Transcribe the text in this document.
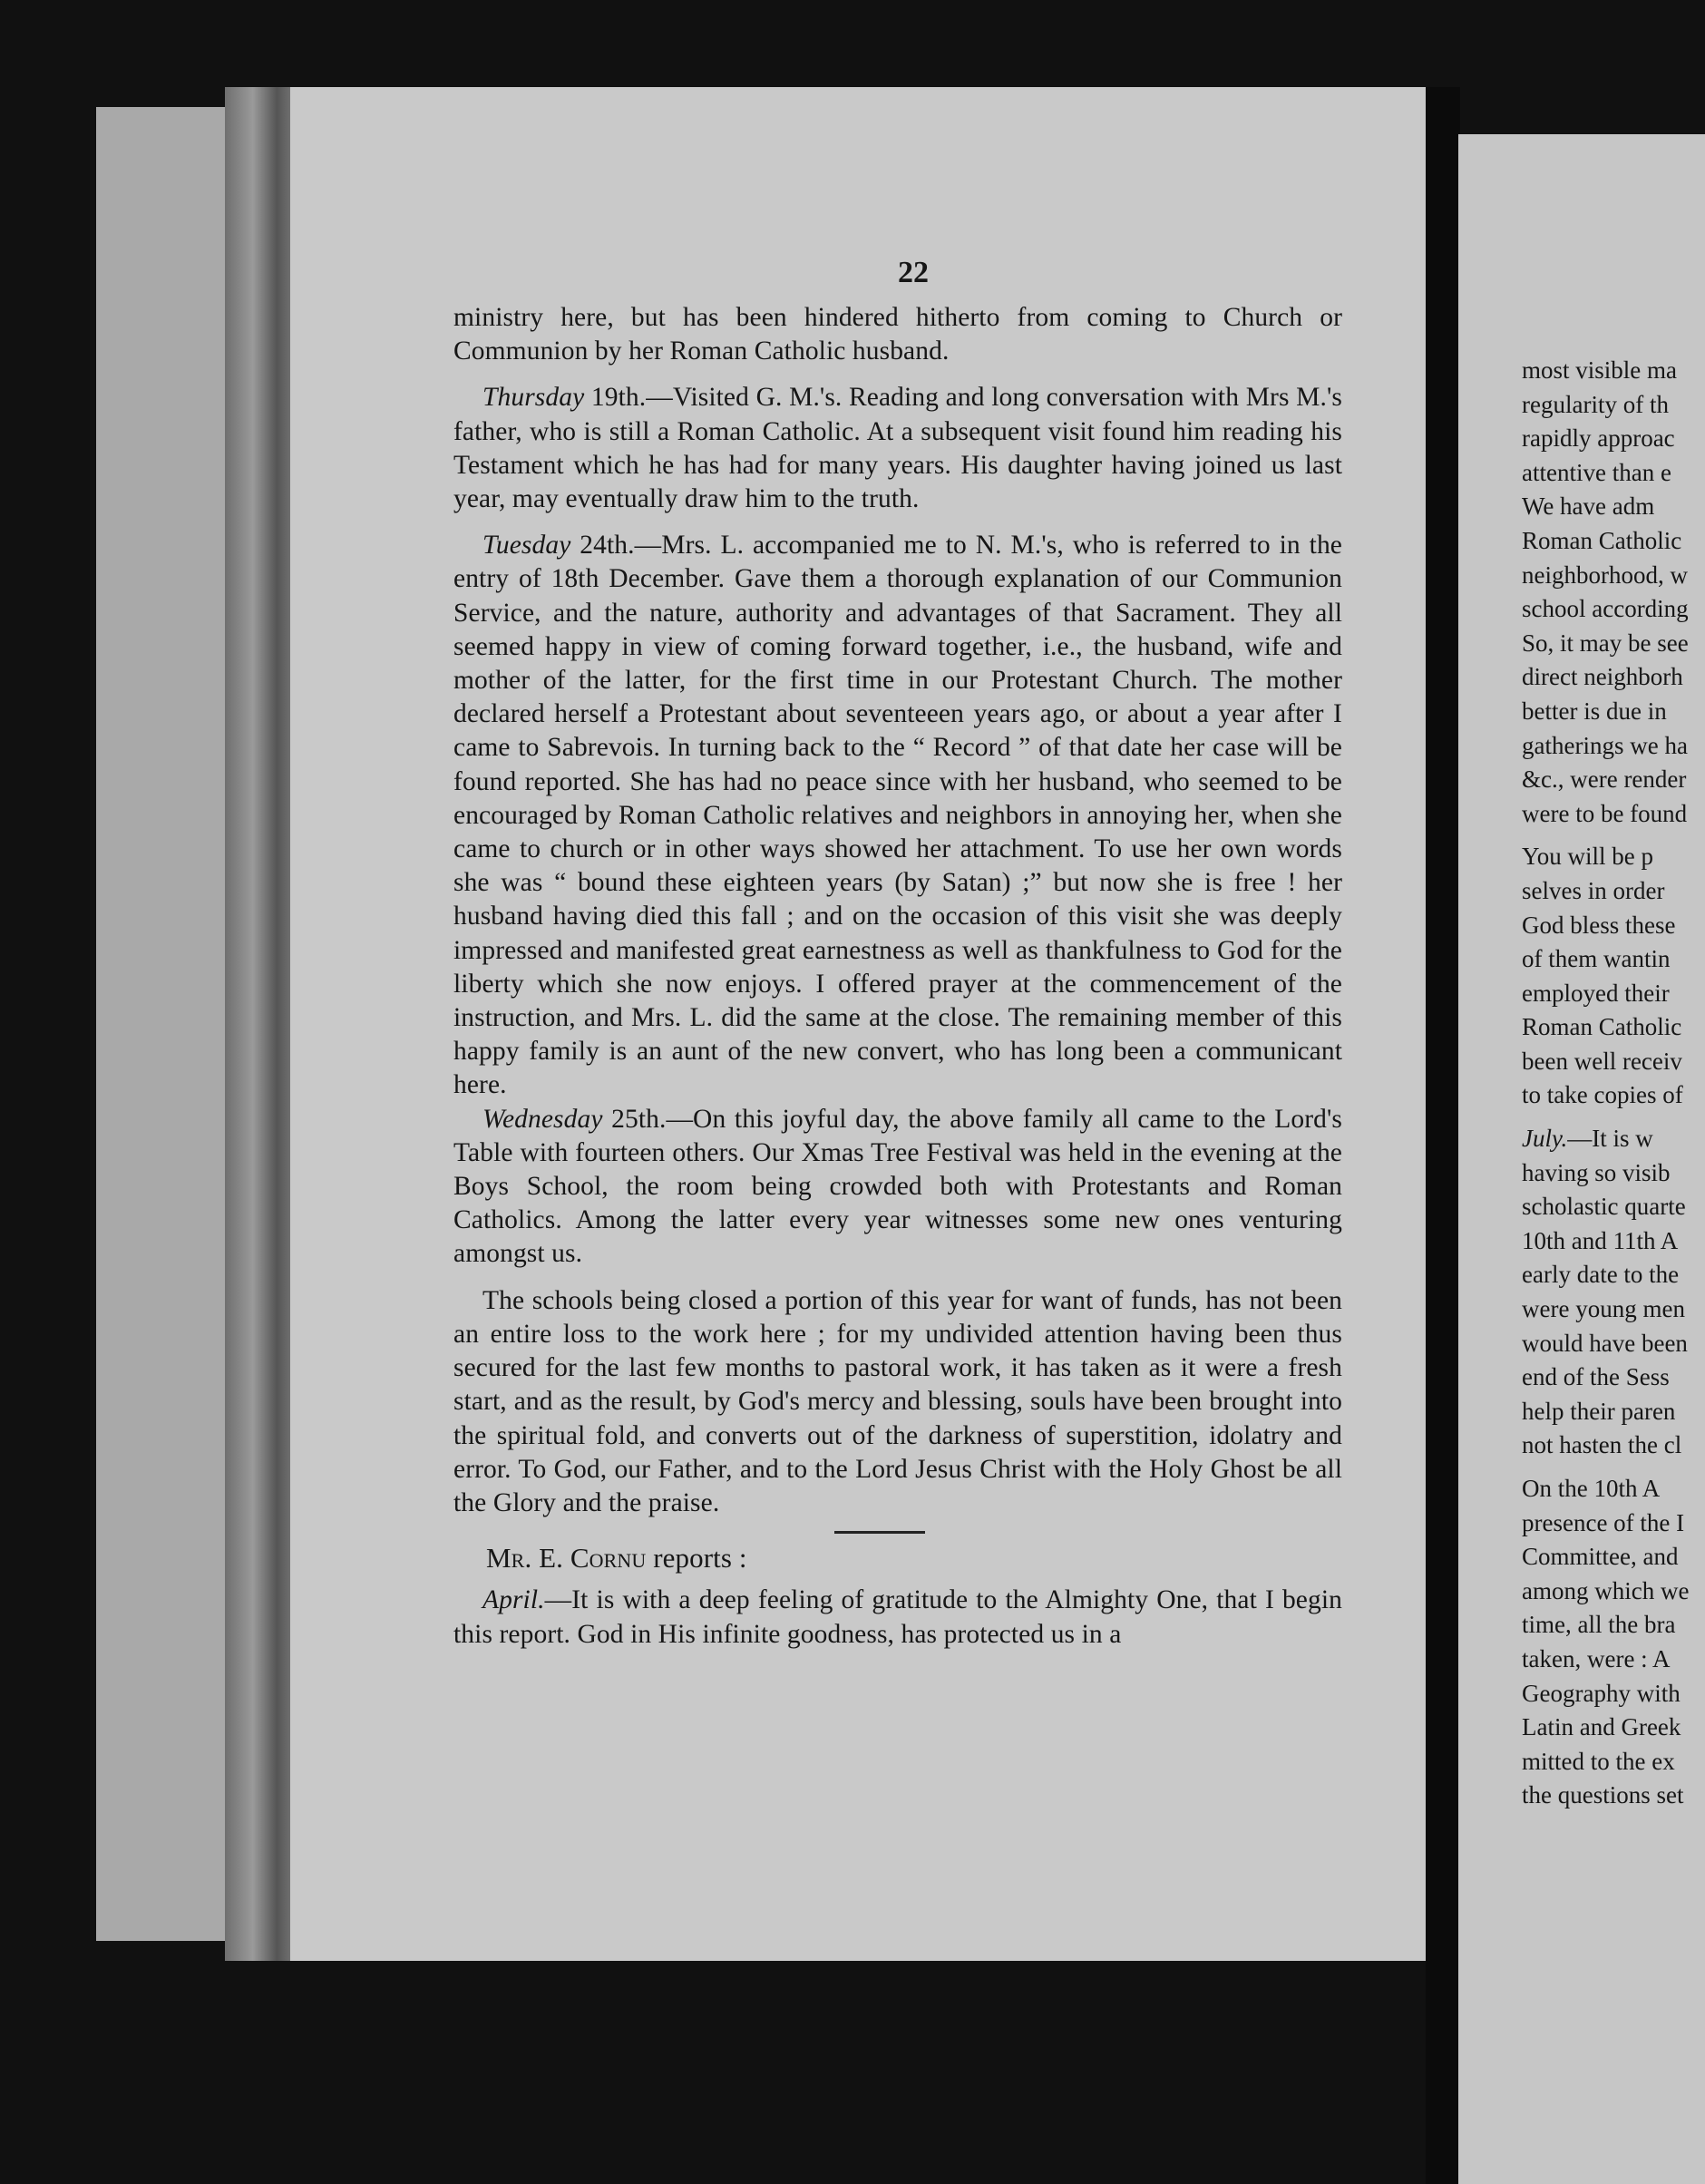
22

ministry here, but has been hindered hitherto from coming to Church or Communion by her Roman Catholic husband.

Thursday 19th.—Visited G. M.'s. Reading and long conversation with Mrs M.'s father, who is still a Roman Catholic. At a subsequent visit found him reading his Testament which he has had for many years. His daughter having joined us last year, may eventually draw him to the truth.

Tuesday 24th.—Mrs. L. accompanied me to N. M.'s, who is referred to in the entry of 18th December. Gave them a thorough explanation of our Communion Service, and the nature, authority and advantages of that Sacrament. They all seemed happy in view of coming forward together, i.e., the husband, wife and mother of the latter, for the first time in our Protestant Church. The mother declared herself a Protestant about seventeeen years ago, or about a year after I came to Sabrevois. In turning back to the “ Record ” of that date her case will be found reported. She has had no peace since with her husband, who seemed to be encouraged by Roman Catholic relatives and neighbors in annoying her, when she came to church or in other ways showed her attachment. To use her own words she was “ bound these eighteen years (by Satan) ;” but now she is free ! her husband having died this fall ; and on the occasion of this visit she was deeply impressed and manifested great earnestness as well as thankfulness to God for the liberty which she now enjoys. I offered prayer at the commencement of the instruction, and Mrs. L. did the same at the close. The remaining member of this happy family is an aunt of the new convert, who has long been a communicant here.

Wednesday 25th.—On this joyful day, the above family all came to the Lord's Table with fourteen others. Our Xmas Tree Festival was held in the evening at the Boys School, the room being crowded both with Protestants and Roman Catholics. Among the latter every year witnesses some new ones venturing amongst us.

The schools being closed a portion of this year for want of funds, has not been an entire loss to the work here ; for my undivided attention having been thus secured for the last few months to pastoral work, it has taken as it were a fresh start, and as the result, by God's mercy and blessing, souls have been brought into the spiritual fold, and converts out of the darkness of superstition, idolatry and error. To God, our Father, and to the Lord Jesus Christ with the Holy Ghost be all the Glory and the praise.

Mr. E. Cornu reports :

April.—It is with a deep feeling of gratitude to the Almighty One, that I begin this report. God in His infinite goodness, has protected us in a

most visible ma
regularity of th
rapidly approac
attentive than e
We have adm
Roman Catholic
neighborhood, w
school according
So, it may be see
direct neighborh
better is due in
gatherings we ha
&c., were render
were to be found
You will be p
selves in order
God bless these
of them wantin
employed their
Roman Catholic
been well receiv
to take copies of
July.—It is w
having so visib
scholastic quarte
10th and 11th A
early date to the
were young men
would have been
end of the Sess
help their paren
not hasten the cl
On the 10th A
presence of the I
Committee, and
among which we
time, all the bra
taken, were : A
Geography with
Latin and Greek
mitted to the ex
the questions set
